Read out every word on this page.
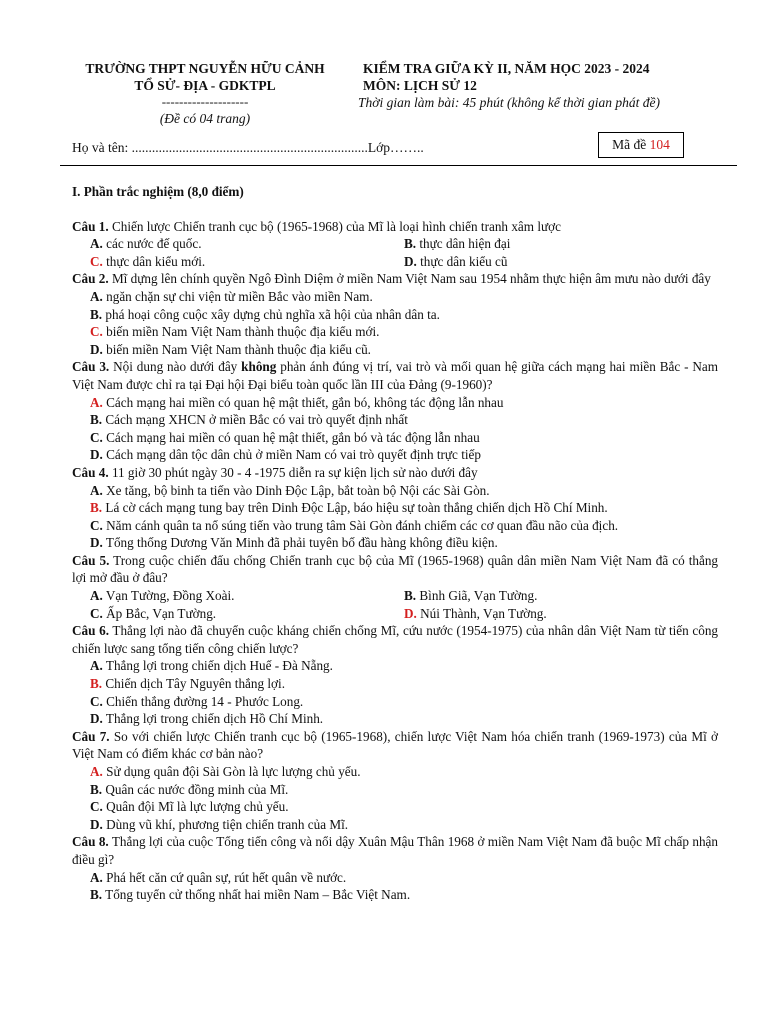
TRƯỜNG THPT NGUYỄN HỮU CẢNH
TỔ SỬ- ĐỊA - GDKTPL
--------------------
(Đề có 04 trang)
KIỂM TRA GIỮA KỲ II, NĂM HỌC 2023 - 2024
MÔN: LỊCH SỬ 12
Thời gian làm bài: 45 phút (không kể thời gian phát đề)
Họ và tên: ......................................................................Lớp……..	Mã đề 104
I. Phần trắc nghiệm (8,0 điểm)
Câu 1. Chiến lược Chiến tranh cục bộ (1965-1968) của Mĩ là loại hình chiến tranh xâm lược
A. các nước đế quốc.	B. thực dân hiện đại
C. thực dân kiểu mới.	D. thực dân kiểu cũ
Câu 2. Mĩ dựng lên chính quyền Ngô Đình Diệm ở miền Nam Việt Nam sau 1954 nhằm thực hiện âm mưu nào dưới đây
A. ngăn chặn sự chi viện từ miền Bắc vào miền Nam.
B. phá hoại công cuộc xây dựng chủ nghĩa xã hội của nhân dân ta.
C. biến miền Nam Việt Nam thành thuộc địa kiểu mới.
D. biến miền Nam Việt Nam thành thuộc địa kiểu cũ.
Câu 3. Nội dung nào dưới đây không phản ánh đúng vị trí, vai trò và mối quan hệ giữa cách mạng hai miền Bắc - Nam Việt Nam được chỉ ra tại Đại hội Đại biểu toàn quốc lần III của Đảng (9-1960)?
A. Cách mạng hai miền có quan hệ mật thiết, gắn bó, không tác động lẫn nhau
B. Cách mạng XHCN ở miền Bắc có vai trò quyết định nhất
C. Cách mạng hai miền có quan hệ mật thiết, gắn bó và tác động lẫn nhau
D. Cách mạng dân tộc dân chủ ở miền Nam có vai trò quyết định trực tiếp
Câu 4. 11 giờ 30 phút ngày 30 - 4 -1975 diễn ra sự kiện lịch sử nào dưới đây
A. Xe tăng, bộ binh ta tiến vào Dinh Độc Lập, bắt toàn bộ Nội các Sài Gòn.
B. Lá cờ cách mạng tung bay trên Dinh Độc Lập, báo hiệu sự toàn thắng chiến dịch Hồ Chí Minh.
C. Năm cánh quân ta nổ súng tiến vào trung tâm Sài Gòn đánh chiếm các cơ quan đầu não của địch.
D. Tổng thống Dương Văn Minh đã phải tuyên bố đầu hàng không điều kiện.
Câu 5. Trong cuộc chiến đấu chống Chiến tranh cục bộ của Mĩ (1965-1968) quân dân miền Nam Việt Nam đã có thắng lợi mở đầu ở đâu?
A. Vạn Tường, Đồng Xoài.	B. Bình Giã, Vạn Tường.
C. Ấp Bắc, Vạn Tường.	D. Núi Thành, Vạn Tường.
Câu 6. Thắng lợi nào đã chuyển cuộc kháng chiến chống Mĩ, cứu nước (1954-1975) của nhân dân Việt Nam từ tiến công chiến lược sang tổng tiến công chiến lược?
A. Thắng lợi trong chiến dịch Huế - Đà Nẵng.
B. Chiến dịch Tây Nguyên thắng lợi.
C. Chiến thắng đường 14 - Phước Long.
D. Thắng lợi trong chiến dịch Hồ Chí Minh.
Câu 7. So với chiến lược Chiến tranh cục bộ (1965-1968), chiến lược Việt Nam hóa chiến tranh (1969-1973) của Mĩ ở Việt Nam có điểm khác cơ bản nào?
A. Sử dụng quân đội Sài Gòn là lực lượng chủ yếu.
B. Quân các nước đồng minh của Mĩ.
C. Quân đội Mĩ là lực lượng chủ yếu.
D. Dùng vũ khí, phương tiện chiến tranh của Mĩ.
Câu 8. Thắng lợi của cuộc Tổng tiến công và nổi dậy Xuân Mậu Thân 1968 ở miền Nam Việt Nam đã buộc Mĩ chấp nhận điều gì?
A. Phá hết căn cứ quân sự, rút hết quân về nước.
B. Tổng tuyển cử thống nhất hai miền Nam – Bắc Việt Nam.
